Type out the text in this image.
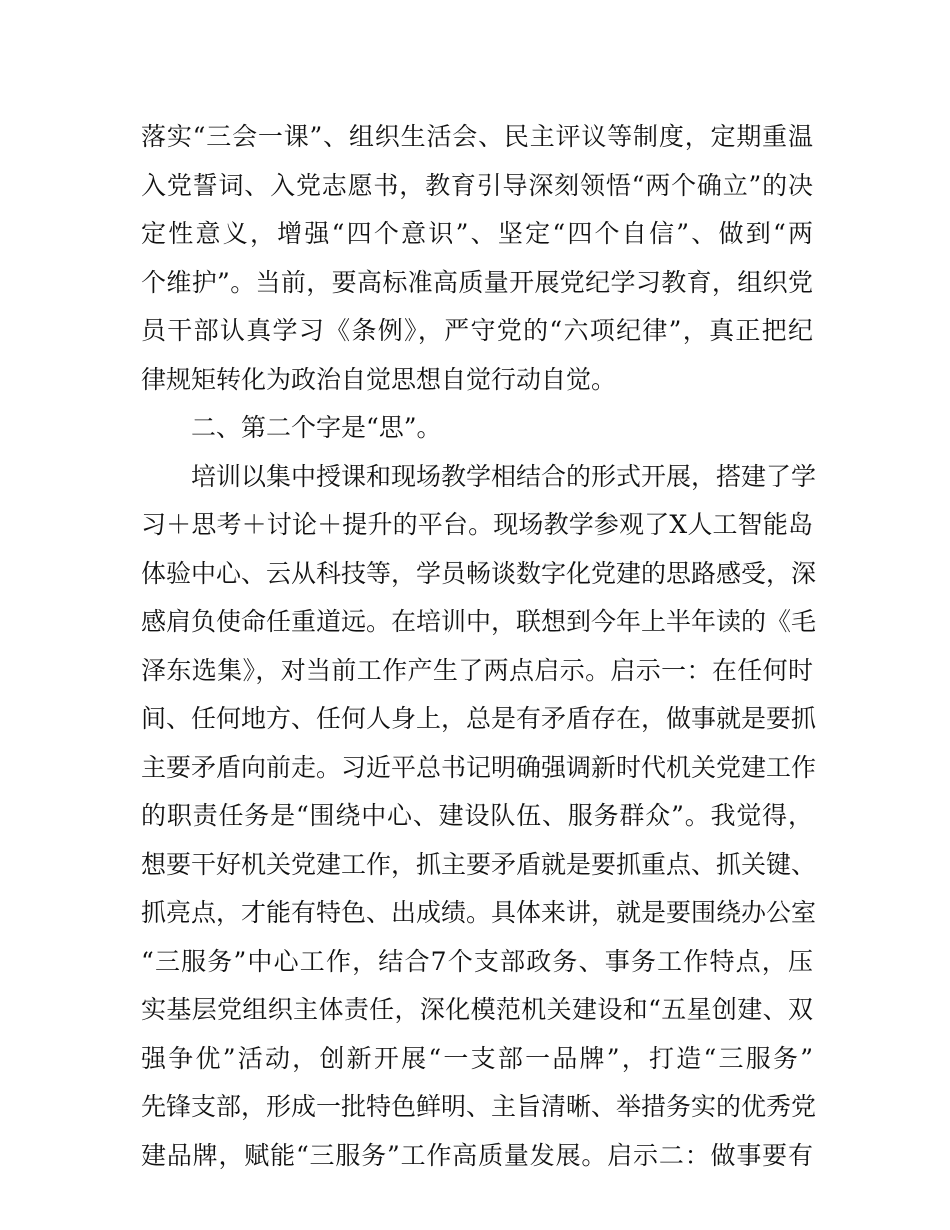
落实“三会一课”、组织生活会、民主评议等制度，定期重温
入党誓词、入党志愿书，教育引导深刻领悟“两个确立”的决
定性意义，增强“四个意识”、坚定“四个自信”、做到“两
个维护”。当前，要高标准高质量开展党纪学习教育，组织党
员干部认真学习《条例》，严守党的“六项纪律”，真正把纪
律规矩转化为政治自觉思想自觉行动自觉。
二、第二个字是“思”。
培训以集中授课和现场教学相结合的形式开展，搭建了学
习＋思考＋讨论＋提升的平台。现场教学参观了X人工智能岛
体验中心、云从科技等，学员畅谈数字化党建的思路感受，深
感肩负使命任重道远。在培训中，联想到今年上半年读的《毛
泽东选集》，对当前工作产生了两点启示。启示一：在任何时
间、任何地方、任何人身上，总是有矛盾存在，做事就是要抓
主要矛盾向前走。习近平总书记明确强调新时代机关党建工作
的职责任务是“围绕中心、建设队伍、服务群众”。我觉得，
想要干好机关党建工作，抓主要矛盾就是要抓重点、抓关键、
抓亮点，才能有特色、出成绩。具体来讲，就是要围绕办公室
“三服务”中心工作，结合7个支部政务、事务工作特点，压
实基层党组织主体责任，深化模范机关建设和“五星创建、双
强争优”活动，创新开展“一支部一品牌”，打造“三服务”
先锋支部，形成一批特色鲜明、主旨清晰、举措务实的优秀党
建品牌，赋能“三服务”工作高质量发展。启示二：做事要有
